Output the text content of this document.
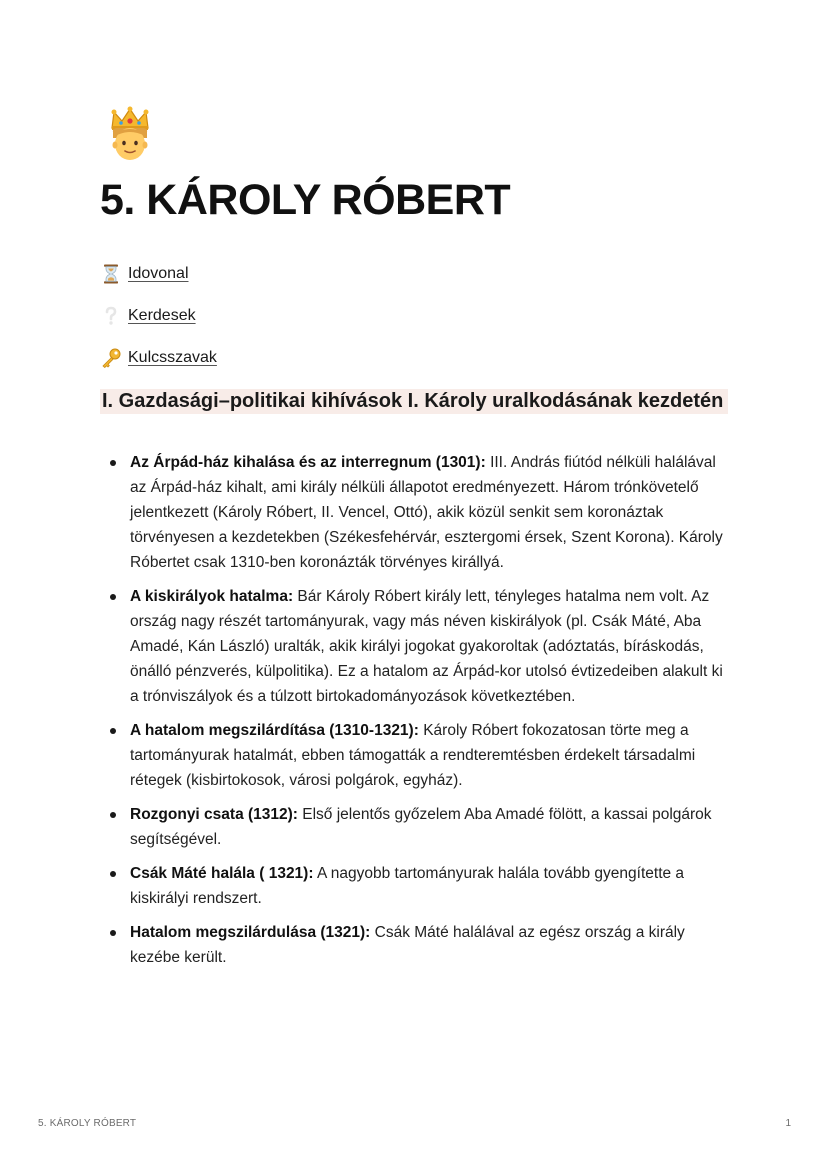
5. KÁROLY RÓBERT
Idovonal
Kerdesek
Kulcsszavak
I. Gazdasági–politikai kihívások I. Károly uralkodásának kezdetén
Az Árpád-ház kihalása és az interregnum (1301): III. András fiútód nélküli halálával az Árpád-ház kihalt, ami király nélküli állapotot eredményezett. Három trónkövetelő jelentkezett (Károly Róbert, II. Vencel, Ottó), akik közül senkit sem koronáztak törvényesen a kezdetekben (Székesfehérvár, esztergomi érsek, Szent Korona). Károly Róbertet csak 1310-ben koronázták törvényes királlyá.
A kiskirályok hatalma: Bár Károly Róbert király lett, tényleges hatalma nem volt. Az ország nagy részét tartományurak, vagy más néven kiskirályok (pl. Csák Máté, Aba Amadé, Kán László) uralták, akik királyi jogokat gyakoroltak (adóztatás, bíráskodás, önálló pénzverés, külpolitika). Ez a hatalom az Árpád-kor utolsó évtizedeiben alakult ki a trónviszályok és a túlzott birtokadományozások következtében.
A hatalom megszilárdítása (1310-1321): Károly Róbert fokozatosan törte meg a tartományurak hatalmát, ebben támogatták a rendteremtésben érdekelt társadalmi rétegek (kisbirtokosok, városi polgárok, egyház).
Rozgonyi csata (1312): Első jelentős győzelem Aba Amadé fölött, a kassai polgárok segítségével.
Csák Máté halála ( 1321): A nagyobb tartományurak halála tovább gyengítette a kiskirályi rendszert.
Hatalom megszilárdulása (1321): Csák Máté halálával az egész ország a király kezébe került.
5. KÁROLY RÓBERT	1
